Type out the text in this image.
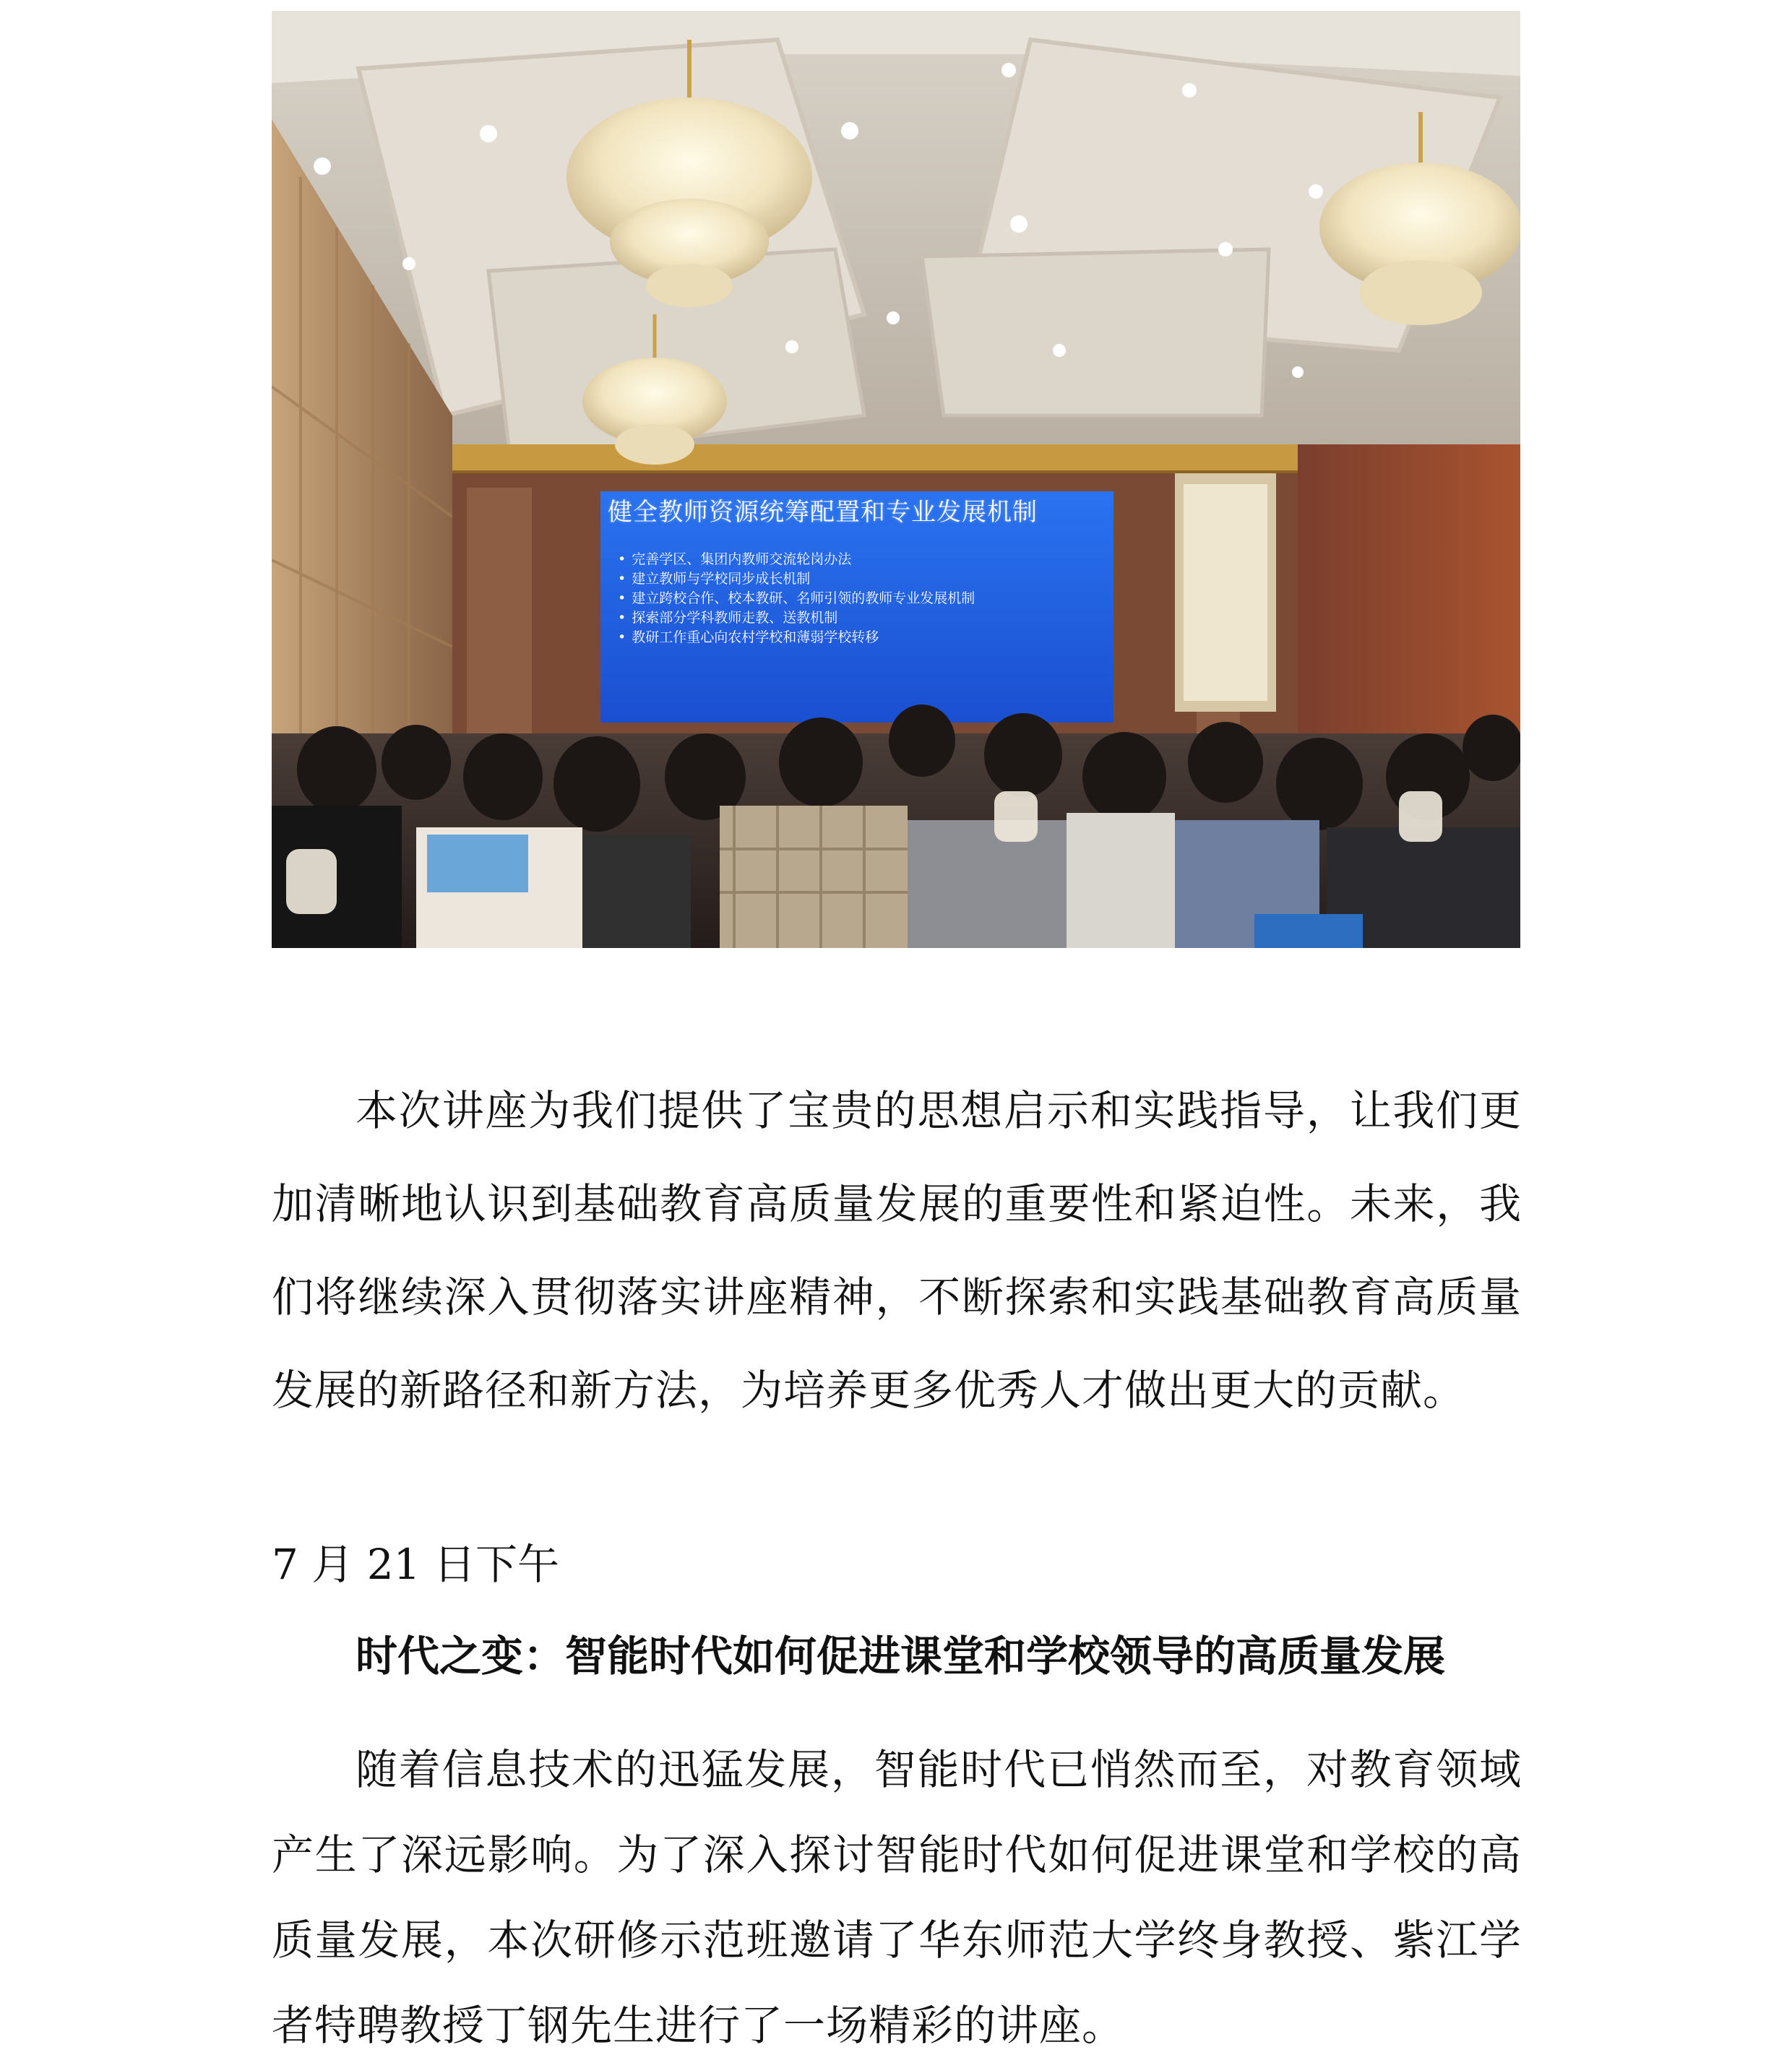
健全教师资源统筹配置和专业发展机制
• 完善学区、集团内教师交流轮岗办法
• 建立教师与学校同步成长机制
• 建立跨校合作、校本教研、名师引领的教师专业发展机制
• 探索部分学科教师走教、送教机制
• 教研工作重心向农村学校和薄弱学校转移

本次讲座为我们提供了宝贵的思想启示和实践指导，让我们更加清晰地认识到基础教育高质量发展的重要性和紧迫性。未来，我们将继续深入贯彻落实讲座精神，不断探索和实践基础教育高质量发展的新路径和新方法，为培养更多优秀人才做出更大的贡献。

7 月 21 日下午
时代之变：智能时代如何促进课堂和学校领导的高质量发展

随着信息技术的迅猛发展，智能时代已悄然而至，对教育领域产生了深远影响。为了深入探讨智能时代如何促进课堂和学校的高质量发展，本次研修示范班邀请了华东师范大学终身教授、紫江学者特聘教授丁钢先生进行了一场精彩的讲座。
